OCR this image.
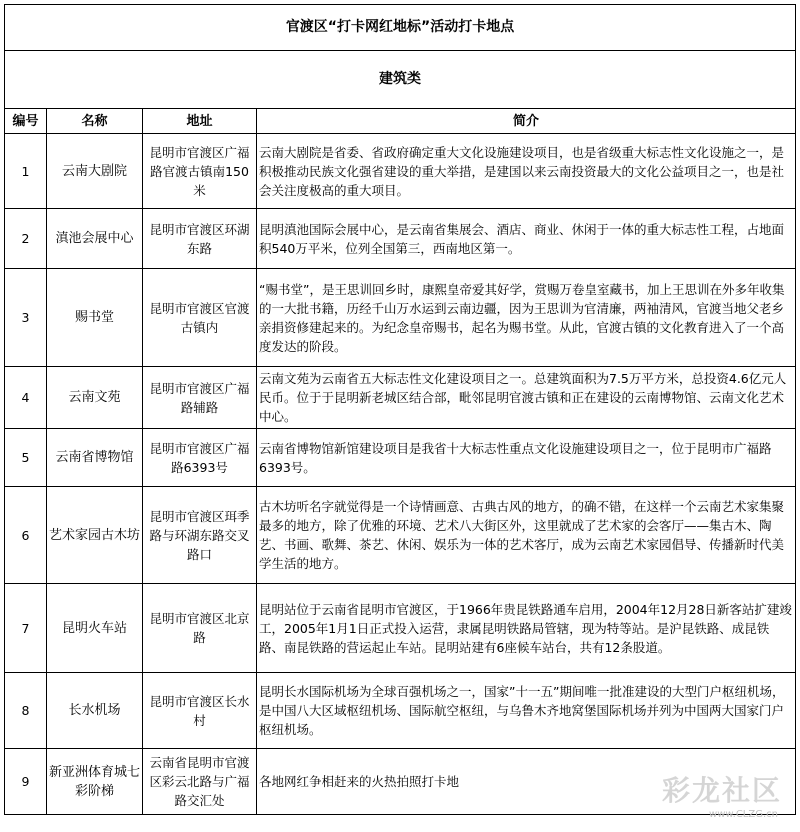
官渡区“打卡网红地标”活动打卡地点			
建筑类			
编号	名称	地址	简介
1	云南大剧院	昆明市官渡区广福路官渡古镇南150米	云南大剧院是省委、省政府确定重大文化设施建设项目，也是省级重大标志性文化设施之一，是积极推动民族文化强省建设的重大举措，是建国以来云南投资最大的文化公益项目之一，也是社会关注度极高的重大项目。
2	滇池会展中心	昆明市官渡区环湖东路	昆明滇池国际会展中心，是云南省集展会、酒店、商业、休闲于一体的重大标志性工程，占地面积540万平米，位列全国第三，西南地区第一。
3	赐书堂	昆明市官渡区官渡古镇内	“赐书堂”，是王思训回乡时，康熙皇帝爱其好学，赏赐万卷皇室藏书，加上王思训在外多年收集的一大批书籍，历经千山万水运到云南边疆，因为王思训为官清廉，两袖清风，官渡当地父老乡亲捐资修建起来的。为纪念皇帝赐书，起名为赐书堂。从此，官渡古镇的文化教育进入了一个高度发达的阶段。
4	云南文苑	昆明市官渡区广福路辅路	云南文苑为云南省五大标志性文化建设项目之一。总建筑面积为7.5万平方米，总投资4.6亿元人民币。位于于昆明新老城区结合部，毗邻昆明官渡古镇和正在建设的云南博物馆、云南文化艺术中心。
5	云南省博物馆	昆明市官渡区广福路6393号	云南省博物馆新馆建设项目是我省十大标志性重点文化设施建设项目之一，位于昆明市广福路6393号。
6	艺术家园古木坊	昆明市官渡区珥季路与环湖东路交叉路口	古木坊听名字就觉得是一个诗情画意、古典古风的地方，的确不错，在这样一个云南艺术家集聚最多的地方，除了优雅的环境、艺术八大街区外，这里就成了艺术家的会客厅——集古木、陶艺、书画、歌舞、茶艺、休闲、娱乐为一体的艺术客厅，成为云南艺术家园倡导、传播新时代美学生活的地方。
7	昆明火车站	昆明市官渡区北京路	昆明站位于云南省昆明市官渡区，于1966年贵昆铁路通车启用，2004年12月28日新客站扩建竣工，2005年1月1日正式投入运营，隶属昆明铁路局管辖，现为特等站。是沪昆铁路、成昆铁路、南昆铁路的营运起止车站。昆明站建有6座候车站台，共有12条股道。
8	长水机场	昆明市官渡区长水村	昆明长水国际机场为全球百强机场之一，国家”十一五”期间唯一批准建设的大型门户枢纽机场，是中国八大区域枢纽机场、国际航空枢纽，与乌鲁木齐地窝堡国际机场并列为中国两大国家门户枢纽机场。
9	新亚洲体育城七彩阶梯	云南省昆明市官渡区彩云北路与广福路交汇处	各地网红争相赶来的火热拍照打卡地	彩龙社区
www.CLZG.cn
